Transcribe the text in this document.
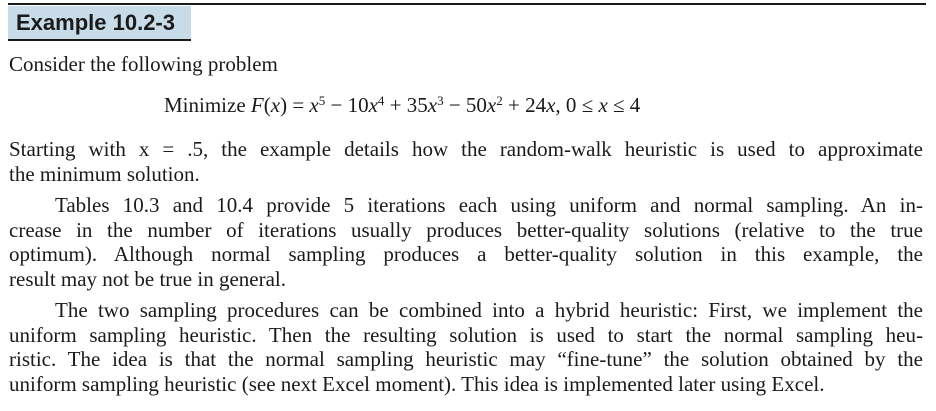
Example 10.2-3
Consider the following problem
Minimize $F(x) = x^5 - 10x^4 + 35x^3 - 50x^2 + 24x$, 0 ≤ x ≤ 4
Starting with x = .5, the example details how the random-walk heuristic is used to approximate
the minimum solution.
Tables 10.3 and 10.4 provide 5 iterations each using uniform and normal sampling. An in-
crease in the number of iterations usually produces better-quality solutions (relative to the true
optimum). Although normal sampling produces a better-quality solution in this example, the
result may not be true in general.
The two sampling procedures can be combined into a hybrid heuristic: First, we implement the
uniform sampling heuristic. Then the resulting solution is used to start the normal sampling heu-
ristic. The idea is that the normal sampling heuristic may “fine-tune” the solution obtained by the
uniform sampling heuristic (see next Excel moment). This idea is implemented later using Excel.
